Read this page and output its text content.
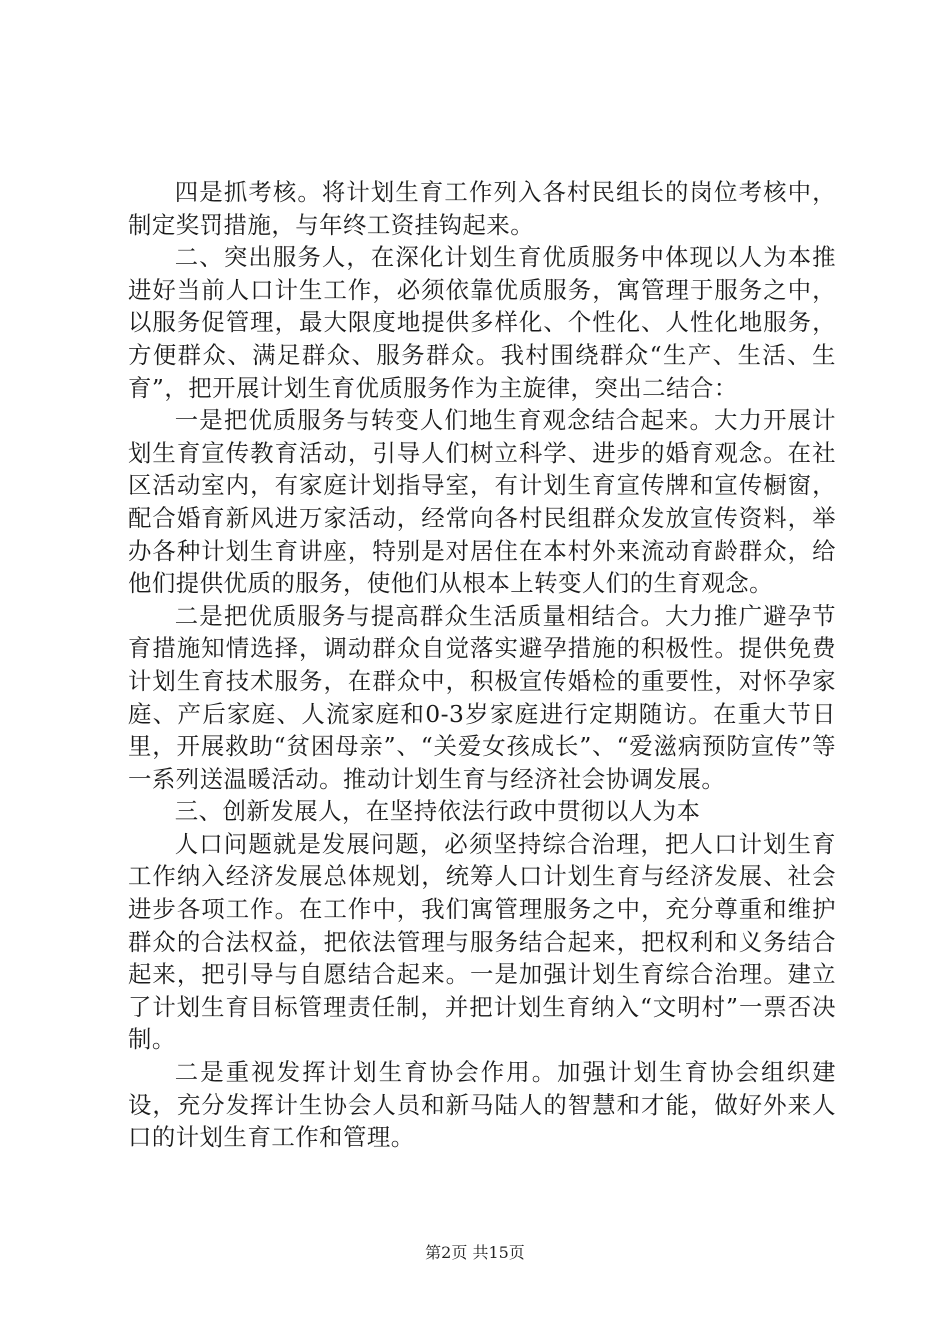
四是抓考核。将计划生育工作列入各村民组长的岗位考核中，制定奖罚措施，与年终工资挂钩起来。

二、突出服务人，在深化计划生育优质服务中体现以人为本推进好当前人口计生工作，必须依靠优质服务，寓管理于服务之中，以服务促管理，最大限度地提供多样化、个性化、人性化地服务，方便群众、满足群众、服务群众。我村围绕群众“生产、生活、生育”，把开展计划生育优质服务作为主旋律，突出二结合：

一是把优质服务与转变人们地生育观念结合起来。大力开展计划生育宣传教育活动，引导人们树立科学、进步的婚育观念。在社区活动室内，有家庭计划指导室，有计划生育宣传牌和宣传橱窗，配合婚育新风进万家活动，经常向各村民组群众发放宣传资料，举办各种计划生育讲座，特别是对居住在本村外来流动育龄群众，给他们提供优质的服务，使他们从根本上转变人们的生育观念。

二是把优质服务与提高群众生活质量相结合。大力推广避孕节育措施知情选择，调动群众自觉落实避孕措施的积极性。提供免费计划生育技术服务，在群众中，积极宣传婚检的重要性，对怀孕家庭、产后家庭、人流家庭和0-3岁家庭进行定期随访。在重大节日里，开展救助“贫困母亲”、“关爱女孩成长”、“爱滋病预防宣传”等一系列送温暖活动。推动计划生育与经济社会协调发展。

三、创新发展人，在坚持依法行政中贯彻以人为本

人口问题就是发展问题，必须坚持综合治理，把人口计划生育工作纳入经济发展总体规划，统筹人口计划生育与经济发展、社会进步各项工作。在工作中，我们寓管理服务之中，充分尊重和维护群众的合法权益，把依法管理与服务结合起来，把权利和义务结合起来，把引导与自愿结合起来。一是加强计划生育综合治理。建立了计划生育目标管理责任制，并把计划生育纳入“文明村”一票否决制。

二是重视发挥计划生育协会作用。加强计划生育协会组织建设，充分发挥计生协会人员和新马陆人的智慧和才能，做好外来人口的计划生育工作和管理。

第2页 共15页
